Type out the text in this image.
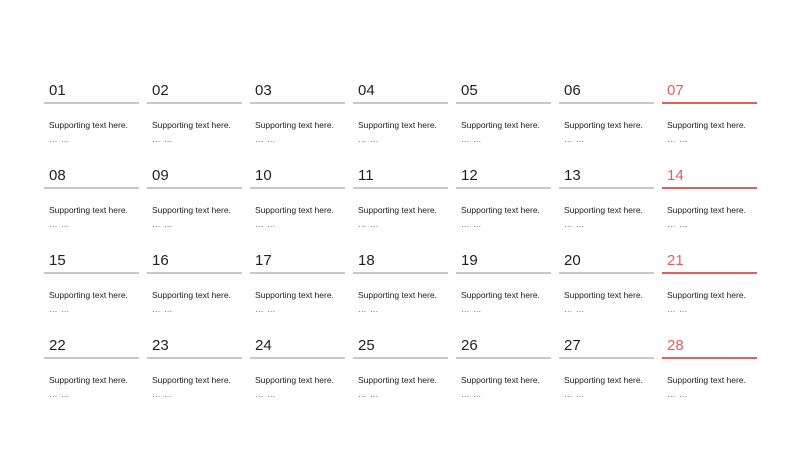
01
Supporting text here.
… …
02
Supporting text here.
… …
03
Supporting text here.
… …
04
Supporting text here.
… …
05
Supporting text here.
… …
06
Supporting text here.
… …
07
Supporting text here.
… …
08
Supporting text here.
… …
09
Supporting text here.
… …
10
Supporting text here.
… …
11
Supporting text here.
… …
12
Supporting text here.
… …
13
Supporting text here.
… …
14
Supporting text here.
… …
15
Supporting text here.
… …
16
Supporting text here.
… …
17
Supporting text here.
… …
18
Supporting text here.
… …
19
Supporting text here.
… …
20
Supporting text here.
… …
21
Supporting text here.
… …
22
Supporting text here.
… …
23
Supporting text here.
… …
24
Supporting text here.
… …
25
Supporting text here.
… …
26
Supporting text here.
… …
27
Supporting text here.
… …
28
Supporting text here.
… …
